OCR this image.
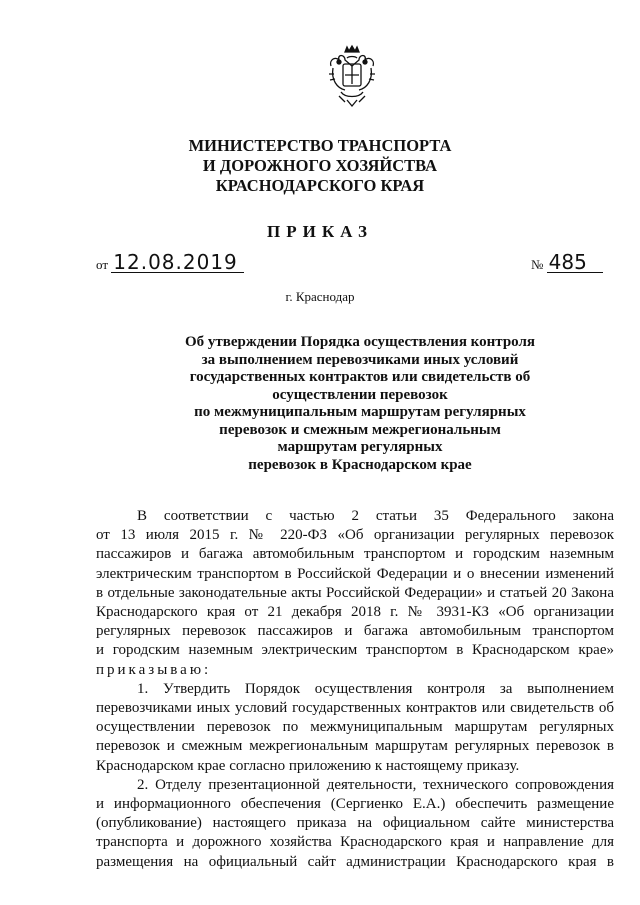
МИНИСТЕРСТВО ТРАНСПОРТА
И ДОРОЖНОГО ХОЗЯЙСТВА
КРАСНОДАРСКОГО КРАЯ
ПРИКАЗ
от 12.08.2019	№ 485
г. Краснодар
Об утверждении Порядка осуществления контроля
за выполнением перевозчиками иных условий
государственных контрактов или свидетельств об
осуществлении перевозок
по межмуниципальным маршрутам регулярных
перевозок и смежным межрегиональным
маршрутам регулярных
перевозок в Краснодарском крае
В соответствии с частью 2 статьи 35 Федерального закона
от 13 июля 2015 г. № 220-ФЗ «Об организации регулярных перевозок
пассажиров и багажа автомобильным транспортом и городским наземным
электрическим транспортом в Российской Федерации и о внесении изменений
в отдельные законодательные акты Российской Федерации» и статьей 20 Закона
Краснодарского края от 21 декабря 2018 г. № 3931-КЗ «Об организации
регулярных перевозок пассажиров и багажа автомобильным транспортом
и городским наземным электрическим транспортом в Краснодарском крае»
приказываю:
1. Утвердить Порядок осуществления контроля за выполнением
перевозчиками иных условий государственных контрактов или свидетельств об
осуществлении перевозок по межмуниципальным маршрутам регулярных
перевозок и смежным межрегиональным маршрутам регулярных перевозок в
Краснодарском крае согласно приложению к настоящему приказу.
2. Отделу презентационной деятельности, технического сопровождения
и информационного обеспечения (Сергиенко Е.А.) обеспечить размещение
(опубликование) настоящего приказа на официальном сайте министерства
транспорта и дорожного хозяйства Краснодарского края и направление для
размещения на официальный сайт администрации Краснодарского края в
